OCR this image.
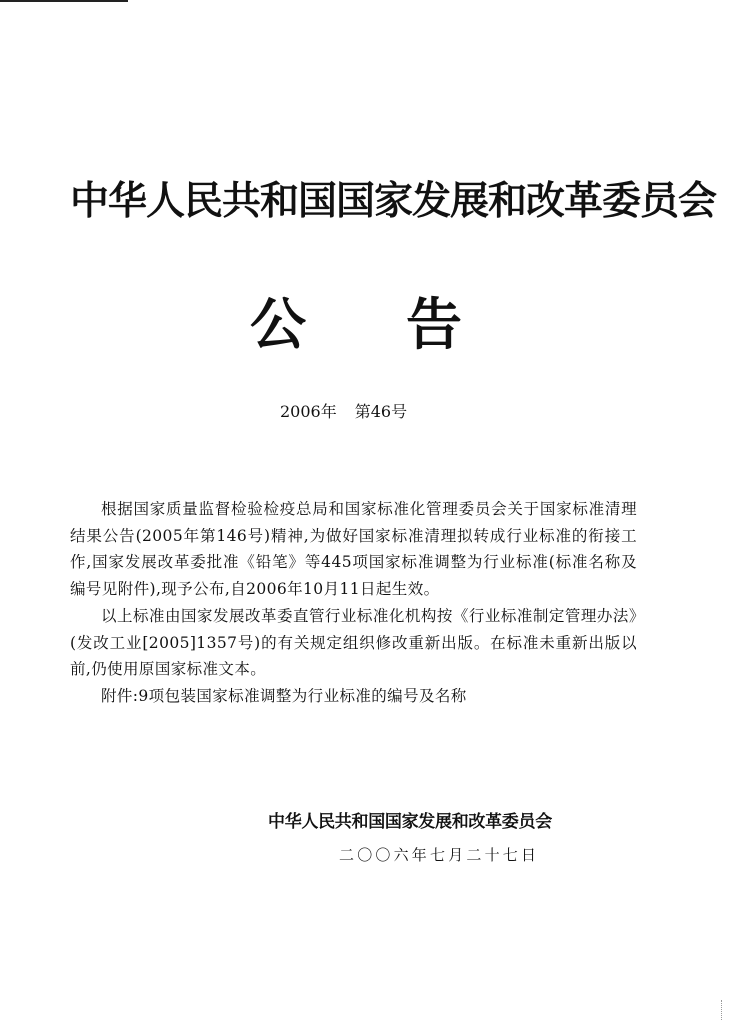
中华人民共和国国家发展和改革委员会
公告
2006年 第46号

根据国家质量监督检验检疫总局和国家标准化管理委员会关于国家标准清理结果公告(2005年第146号)精神,为做好国家标准清理拟转成行业标准的衔接工作,国家发展改革委批准《铅笔》等445项国家标准调整为行业标准(标准名称及编号见附件),现予公布,自2006年10月11日起生效。

以上标准由国家发展改革委直管行业标准化机构按《行业标准制定管理办法》(发改工业[2005]1357号)的有关规定组织修改重新出版。在标准未重新出版以前,仍使用原国家标准文本。

附件:9项包装国家标准调整为行业标准的编号及名称

中华人民共和国国家发展和改革委员会
二〇〇六年七月二十七日
